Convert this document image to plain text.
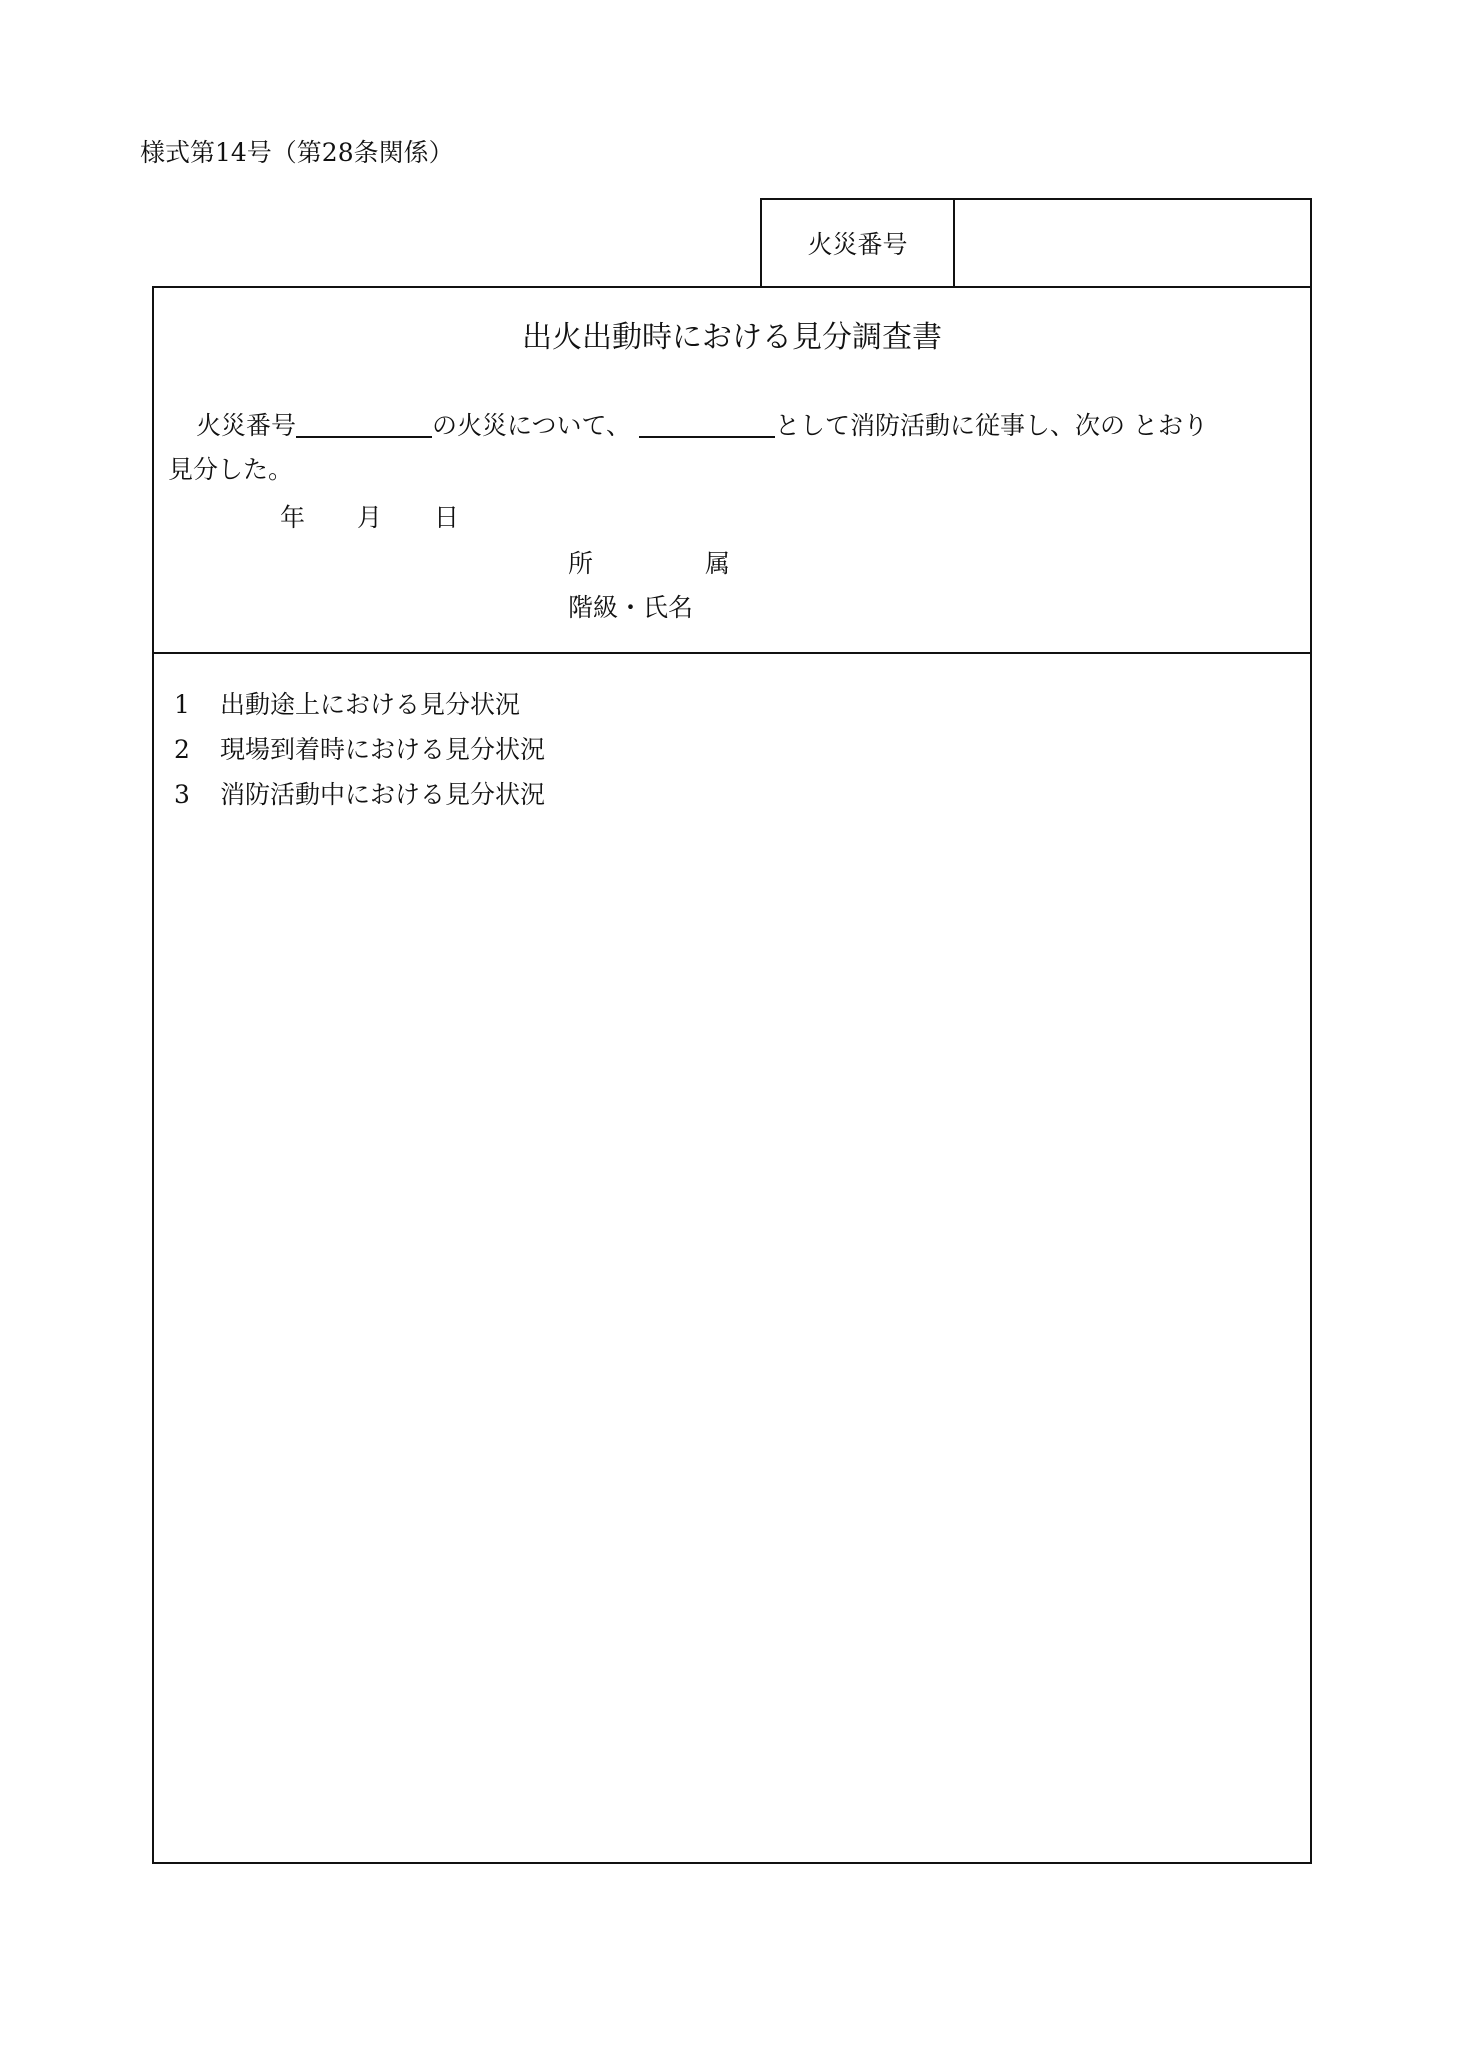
様式第14号（第28条関係）
火災番号
出火出動時における見分調査書
火災番号	の火災について、	として消防活動に従事し、次の とおり
見分した。
年 月 日
所	属
階級・氏名
1	出動途上における見分状況
2	現場到着時における見分状況
3	消防活動中における見分状況
